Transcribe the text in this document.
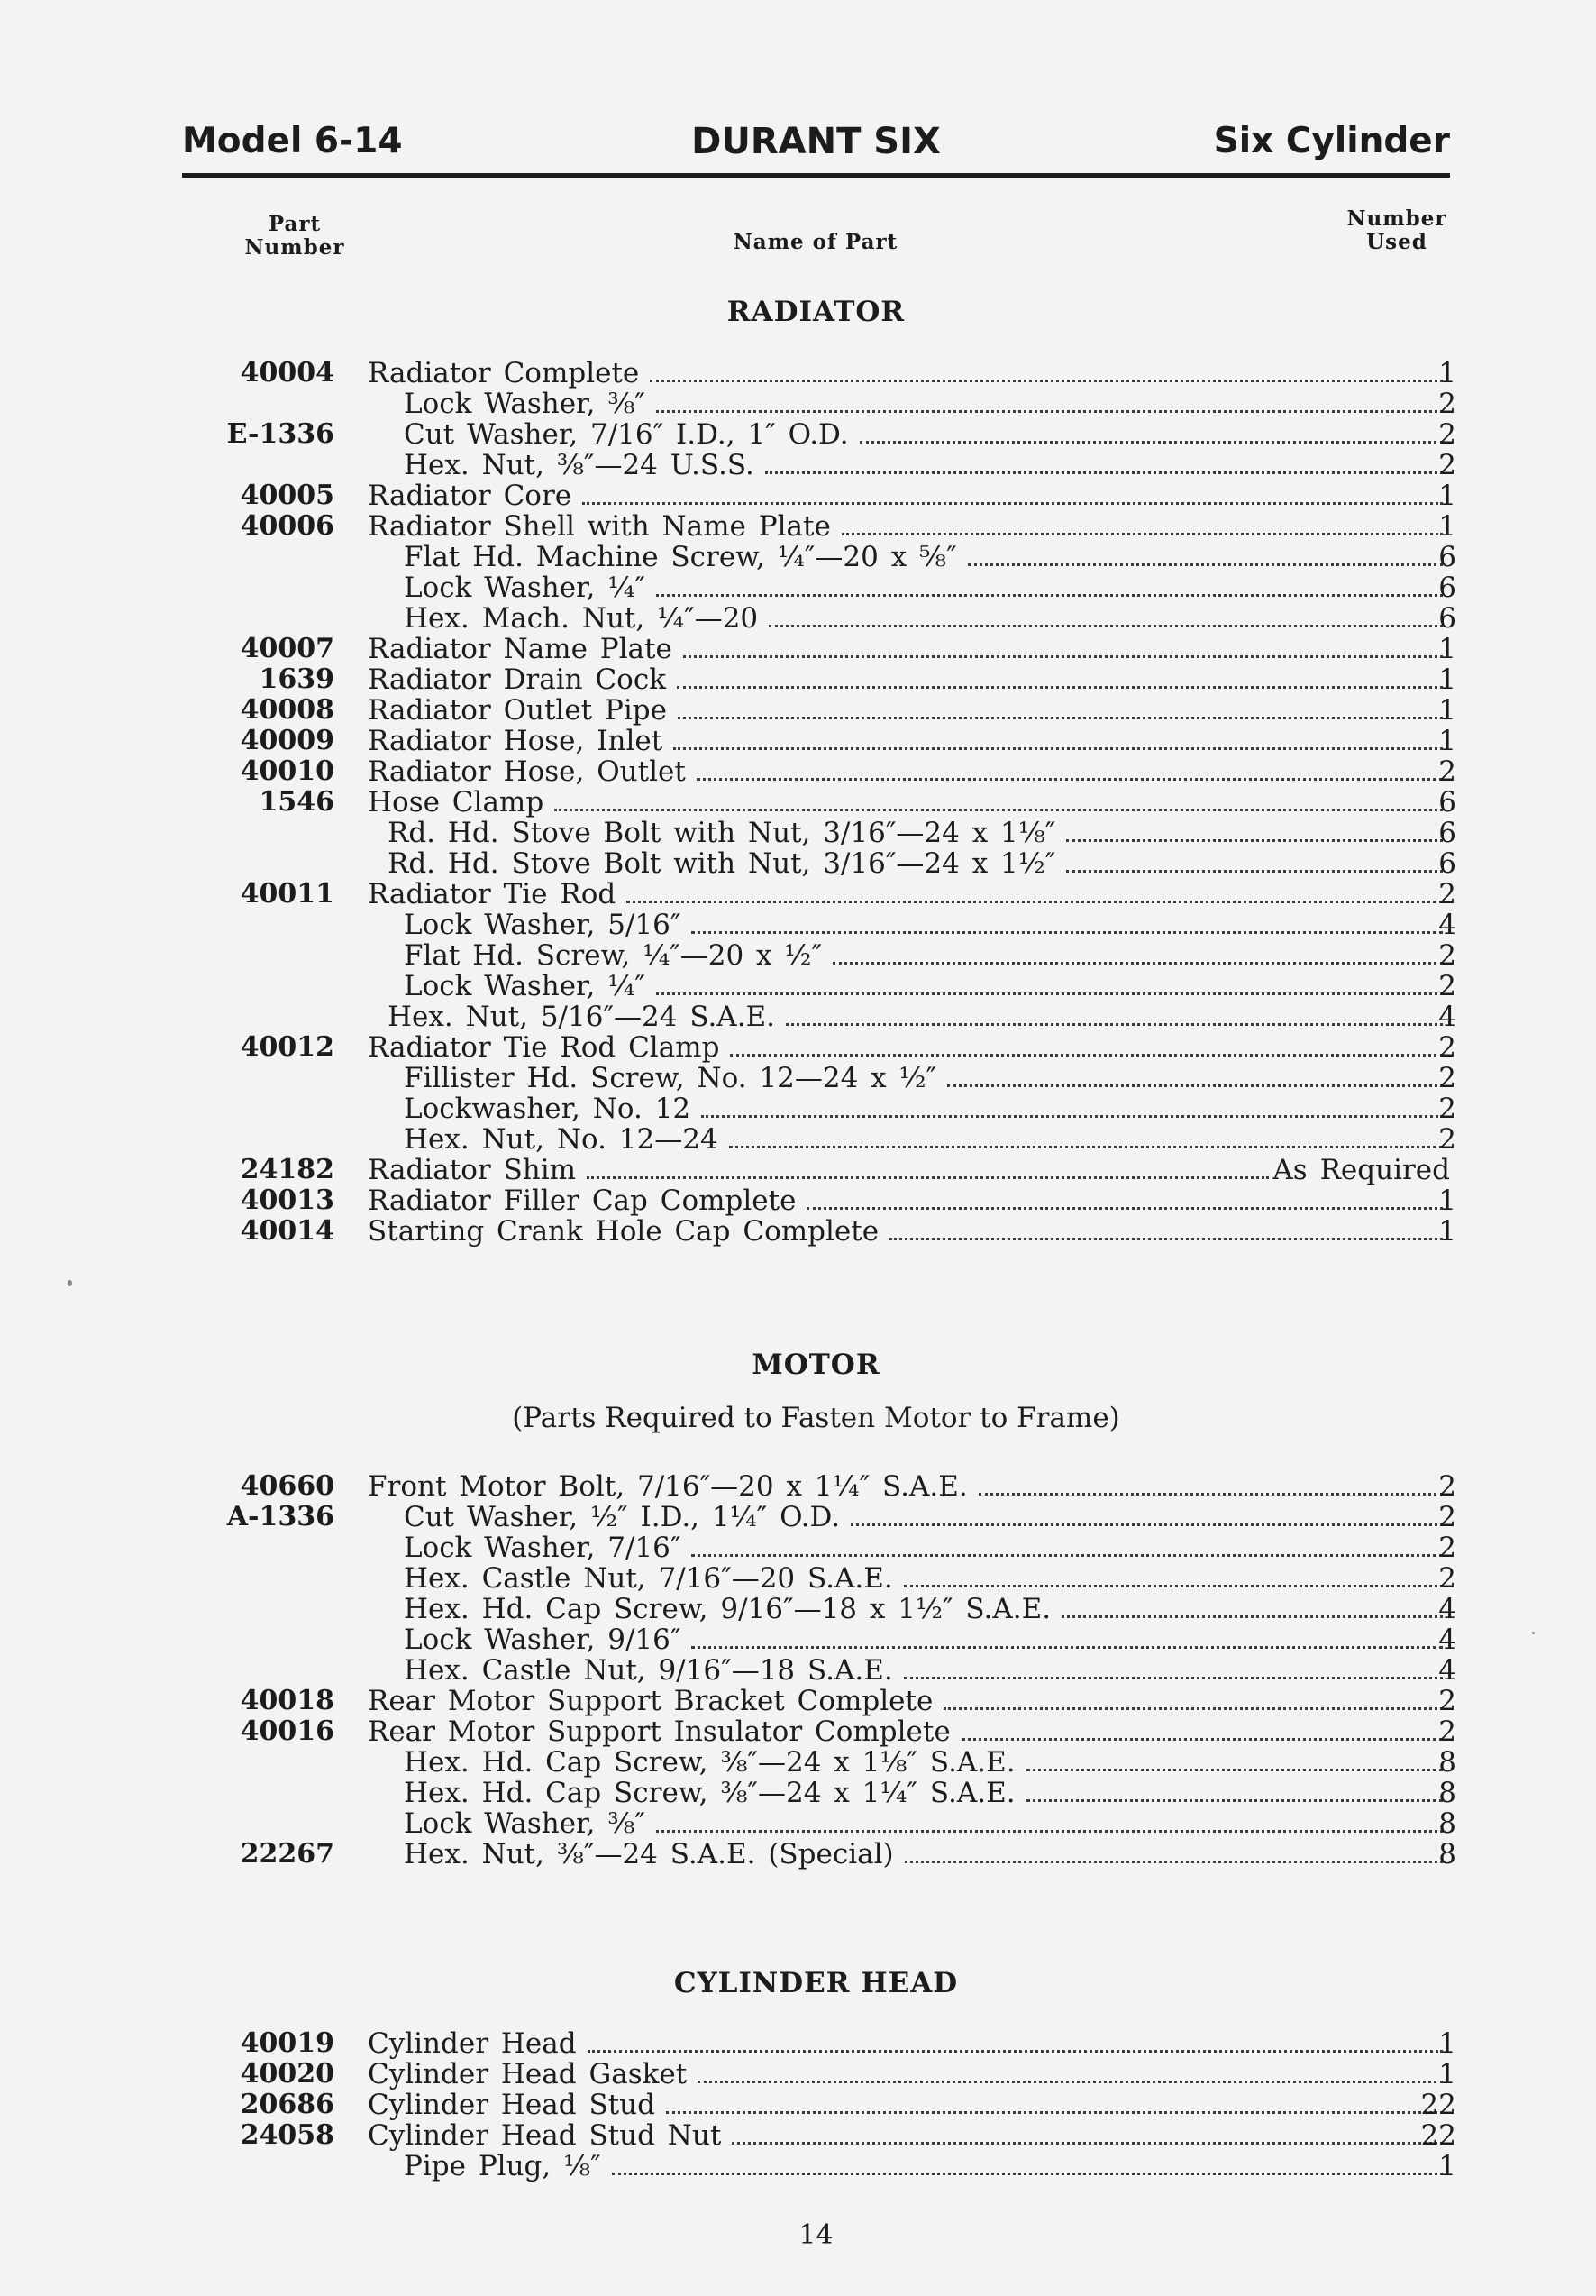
Model 6-14	DURANT SIX	Six Cylinder
Part
Number	Name of Part
Number
Used
RADIATOR
40004 Radiator Complete	1
Lock Washer, ⅜″	2
E-1336 Cut Washer, 7/16″ I.D., 1″ O.D.	2
Hex. Nut, ⅜″—24 U.S.S.	2
40005 Radiator Core	1
40006 Radiator Shell with Name Plate	1
Flat Hd. Machine Screw, ¼″—20 x ⅝″	6
Lock Washer, ¼″	6
Hex. Mach. Nut, ¼″—20	6
40007 Radiator Name Plate	1
1639 Radiator Drain Cock	1
40008 Radiator Outlet Pipe	1
40009 Radiator Hose, Inlet	1
40010 Radiator Hose, Outlet	2
1546 Hose Clamp	6
Rd. Hd. Stove Bolt with Nut, 3/16″—24 x 1⅛″	6
Rd. Hd. Stove Bolt with Nut, 3/16″—24 x 1½″	6
40011 Radiator Tie Rod	2
Lock Washer, 5/16″	4
Flat Hd. Screw, ¼″—20 x ½″	2
Lock Washer, ¼″	2
Hex. Nut, 5/16″—24 S.A.E.	4
40012 Radiator Tie Rod Clamp	2
Fillister Hd. Screw, No. 12—24 x ½″	2
Lockwasher, No. 12	2
Hex. Nut, No. 12—24	2
24182 Radiator Shim	As Required
40013 Radiator Filler Cap Complete	1
40014 Starting Crank Hole Cap Complete	1
MOTOR
(Parts Required to Fasten Motor to Frame)
40660 Front Motor Bolt, 7/16″—20 x 1¼″ S.A.E.	2
A-1336 Cut Washer, ½″ I.D., 1¼″ O.D.	2
Lock Washer, 7/16″	2
Hex. Castle Nut, 7/16″—20 S.A.E.	2
Hex. Hd. Cap Screw, 9/16″—18 x 1½″ S.A.E.	4
Lock Washer, 9/16″	4
Hex. Castle Nut, 9/16″—18 S.A.E.	4
40018 Rear Motor Support Bracket Complete	2
40016 Rear Motor Support Insulator Complete	2
Hex. Hd. Cap Screw, ⅜″—24 x 1⅛″ S.A.E.	8
Hex. Hd. Cap Screw, ⅜″—24 x 1¼″ S.A.E.	8
Lock Washer, ⅜″	8
22267 Hex. Nut, ⅜″—24 S.A.E. (Special)	8
CYLINDER HEAD
40019 Cylinder Head	1
40020 Cylinder Head Gasket	1
20686 Cylinder Head Stud	22
24058 Cylinder Head Stud Nut	22
Pipe Plug, ⅛″	1
14
